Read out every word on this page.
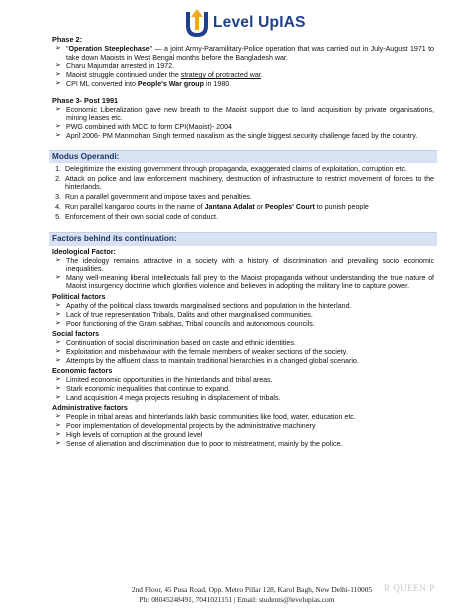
Level UpIAS

Phase 2:

➢ "Operation Steeplechase" — a joint Army-Paramilitary-Police operation that was carried out in July-August 1971 to take down Maoists in West Bengal months before the Bangladesh war.
➢ Charu Majumdar arrested in 1972.
➢ Maoist struggle continued under the strategy of protracted war.
➢ CPI ML converted into People's War group in 1980

Phase 3- Post 1991

➢ Economic Liberalization gave new breath to the Maoist support due to land acquisition by private organisations, mining leases etc.
➢ PWG combined with MCC to form CPI(Maoist)- 2004
➢ April 2006- PM Manmohan Singh termed naxalism as the single biggest security challenge faced by the country.
Modus Operandi:
1. Delegitimize the existing government through propaganda, exaggerated claims of exploitation, corruption etc.
2. Attack on police and law enforcement machinery, destruction of infrastructure to restrict movement of forces to the hinterlands.
3. Run a parallel government and impose taxes and penalties.
4. Run parallel kangaroo courts in the name of Jantana Adalat or Peoples' Court to punish people
5. Enforcement of their own social code of conduct.
Factors behind its continuation:

Ideological Factor:

➢ The ideology remains attractive in a society with a history of discrimination and prevailing socio economic inequalities.
➢ Many well-meaning liberal intellectuals fall prey to the Maoist propaganda without understanding the true nature of Maoist insurgency doctrine which glorifies violence and believes in adopting the military line to capture power.

Political factors

➢ Apathy of the political class towards marginalised sections and population in the hinterland.
➢ Lack of true representation Tribals, Dalits and other marginalised communities.
➢ Poor functioning of the Gram sabhas, Tribal councils and autonomous councils.

Social factors

➢ Continuation of social discrimination based on caste and ethnic identities.
➢ Exploitation and misbehaviour with the female members of weaker sections of the society.
➢ Attempts by the affluent class to maintain traditional hierarchies in a changed global scenario.

Economic factors

➢ Limited economic opportunities in the hinterlands and tribal areas.
➢ Stark economic inequalities that continue to expand.
➢ Land acquisition 4 mega projects resulting in displacement of tribals.

Administrative factors

➢ People in tribal areas and hinterlands lakh basic communities like food, water, education etc.
➢ Poor implementation of developmental projects by the administrative machinery
➢ High levels of corruption at the ground level
➢ Sense of alienation and discrimination due to poor to mistreatment, mainly by the police.
2nd Floor, 45 Pusa Road, Opp. Metro Pillar 128, Karol Bagh, New Delhi-110005
Ph: 08045248491, 7041021151 | Email: students@levelupias.com
R QUEEN P
